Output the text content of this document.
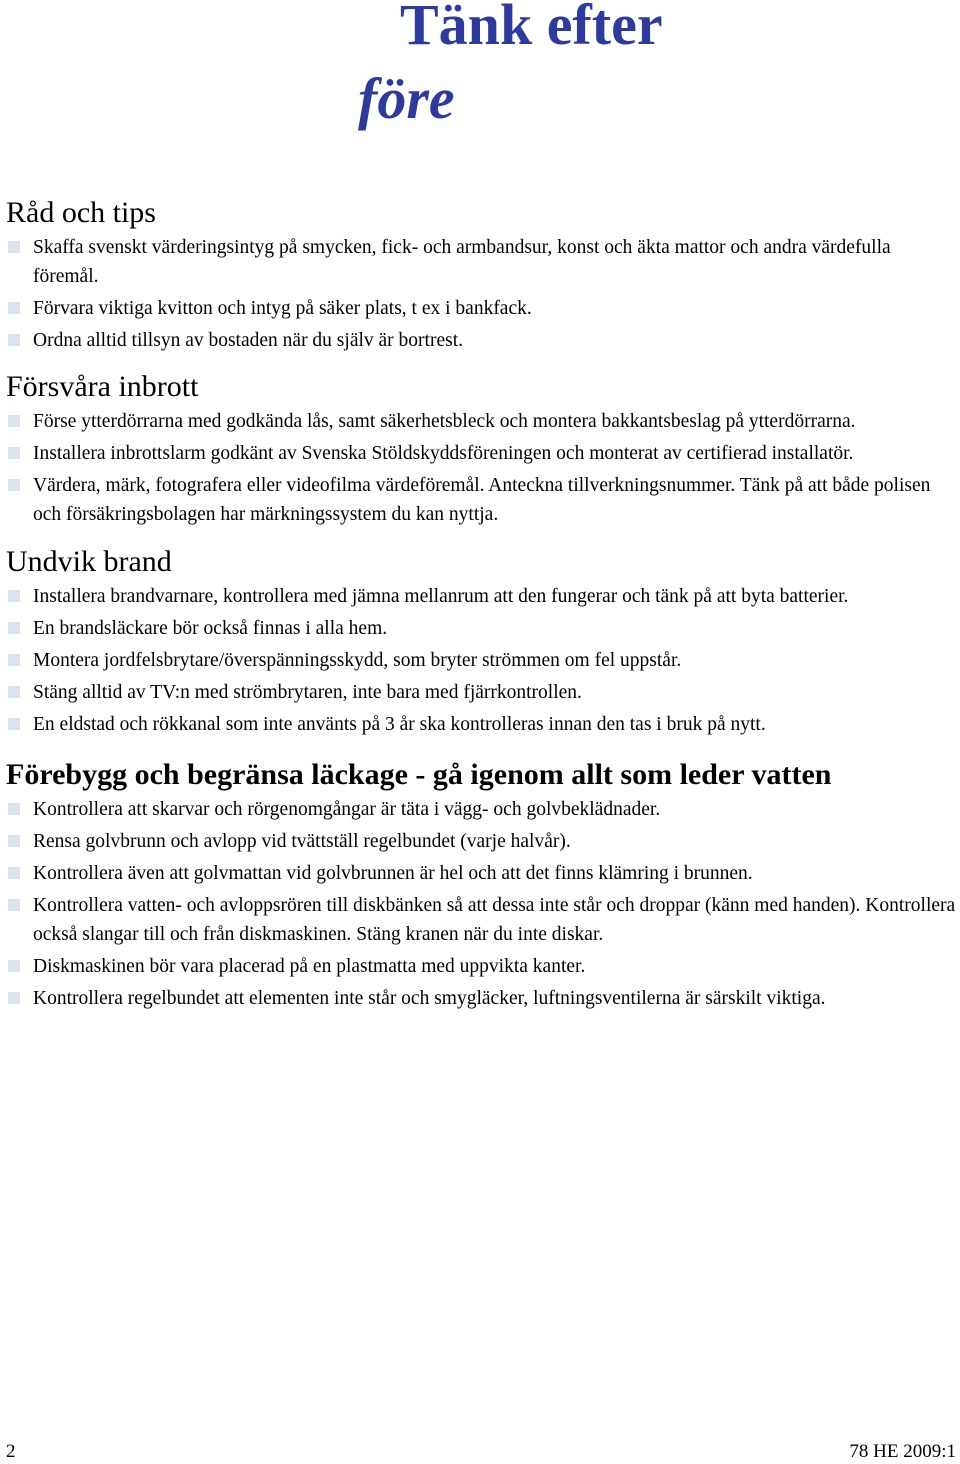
Tänk efter
före
Råd och tips
Skaffa svenskt värderingsintyg på smycken, fick- och armbandsur, konst och äkta mattor och andra värdefulla föremål.
Förvara viktiga kvitton och intyg på säker plats, t ex i bankfack.
Ordna alltid tillsyn av bostaden när du själv är bortrest.
Försvåra inbrott
Förse ytterdörrarna med godkända lås, samt säkerhetsbleck och montera bakkantsbeslag på ytterdörrarna.
Installera inbrottslarm godkänt av Svenska Stöldskyddsföreningen och monterat av certifierad installatör.
Värdera, märk, fotografera eller videofilma värdeföremål. Anteckna tillverkningsnummer. Tänk på att både polisen och försäkringsbolagen har märkningssystem du kan nyttja.
Undvik brand
Installera brandvarnare, kontrollera med jämna mellanrum att den fungerar och tänk på att byta batterier.
En brandsläckare bör också finnas i alla hem.
Montera jordfelsbrytare/överspänningsskydd, som bryter strömmen om fel uppstår.
Stäng alltid av TV:n med strömbrytaren, inte bara med fjärrkontrollen.
En eldstad och rökkanal som inte använts på 3 år ska kontrolleras innan den tas i bruk på nytt.
Förebygg och begränsa läckage - gå igenom allt som leder vatten
Kontrollera att skarvar och rörgenomgångar är täta i vägg- och golvbeklädnader.
Rensa golvbrunn och avlopp vid tvättställ regelbundet (varje halvår).
Kontrollera även att golvmattan vid golvbrunnen är hel och att det finns klämring i brunnen.
Kontrollera vatten- och avloppsrören till diskbänken så att dessa inte står och droppar (känn med handen). Kontrollera också slangar till och från diskmaskinen. Stäng kranen när du inte diskar.
Diskmaskinen bör vara placerad på en plastmatta med uppvikta kanter.
Kontrollera regelbundet att elementen inte står och smygläcker, luftningsventilerna är särskilt viktiga.
2	78 HE 2009:1
